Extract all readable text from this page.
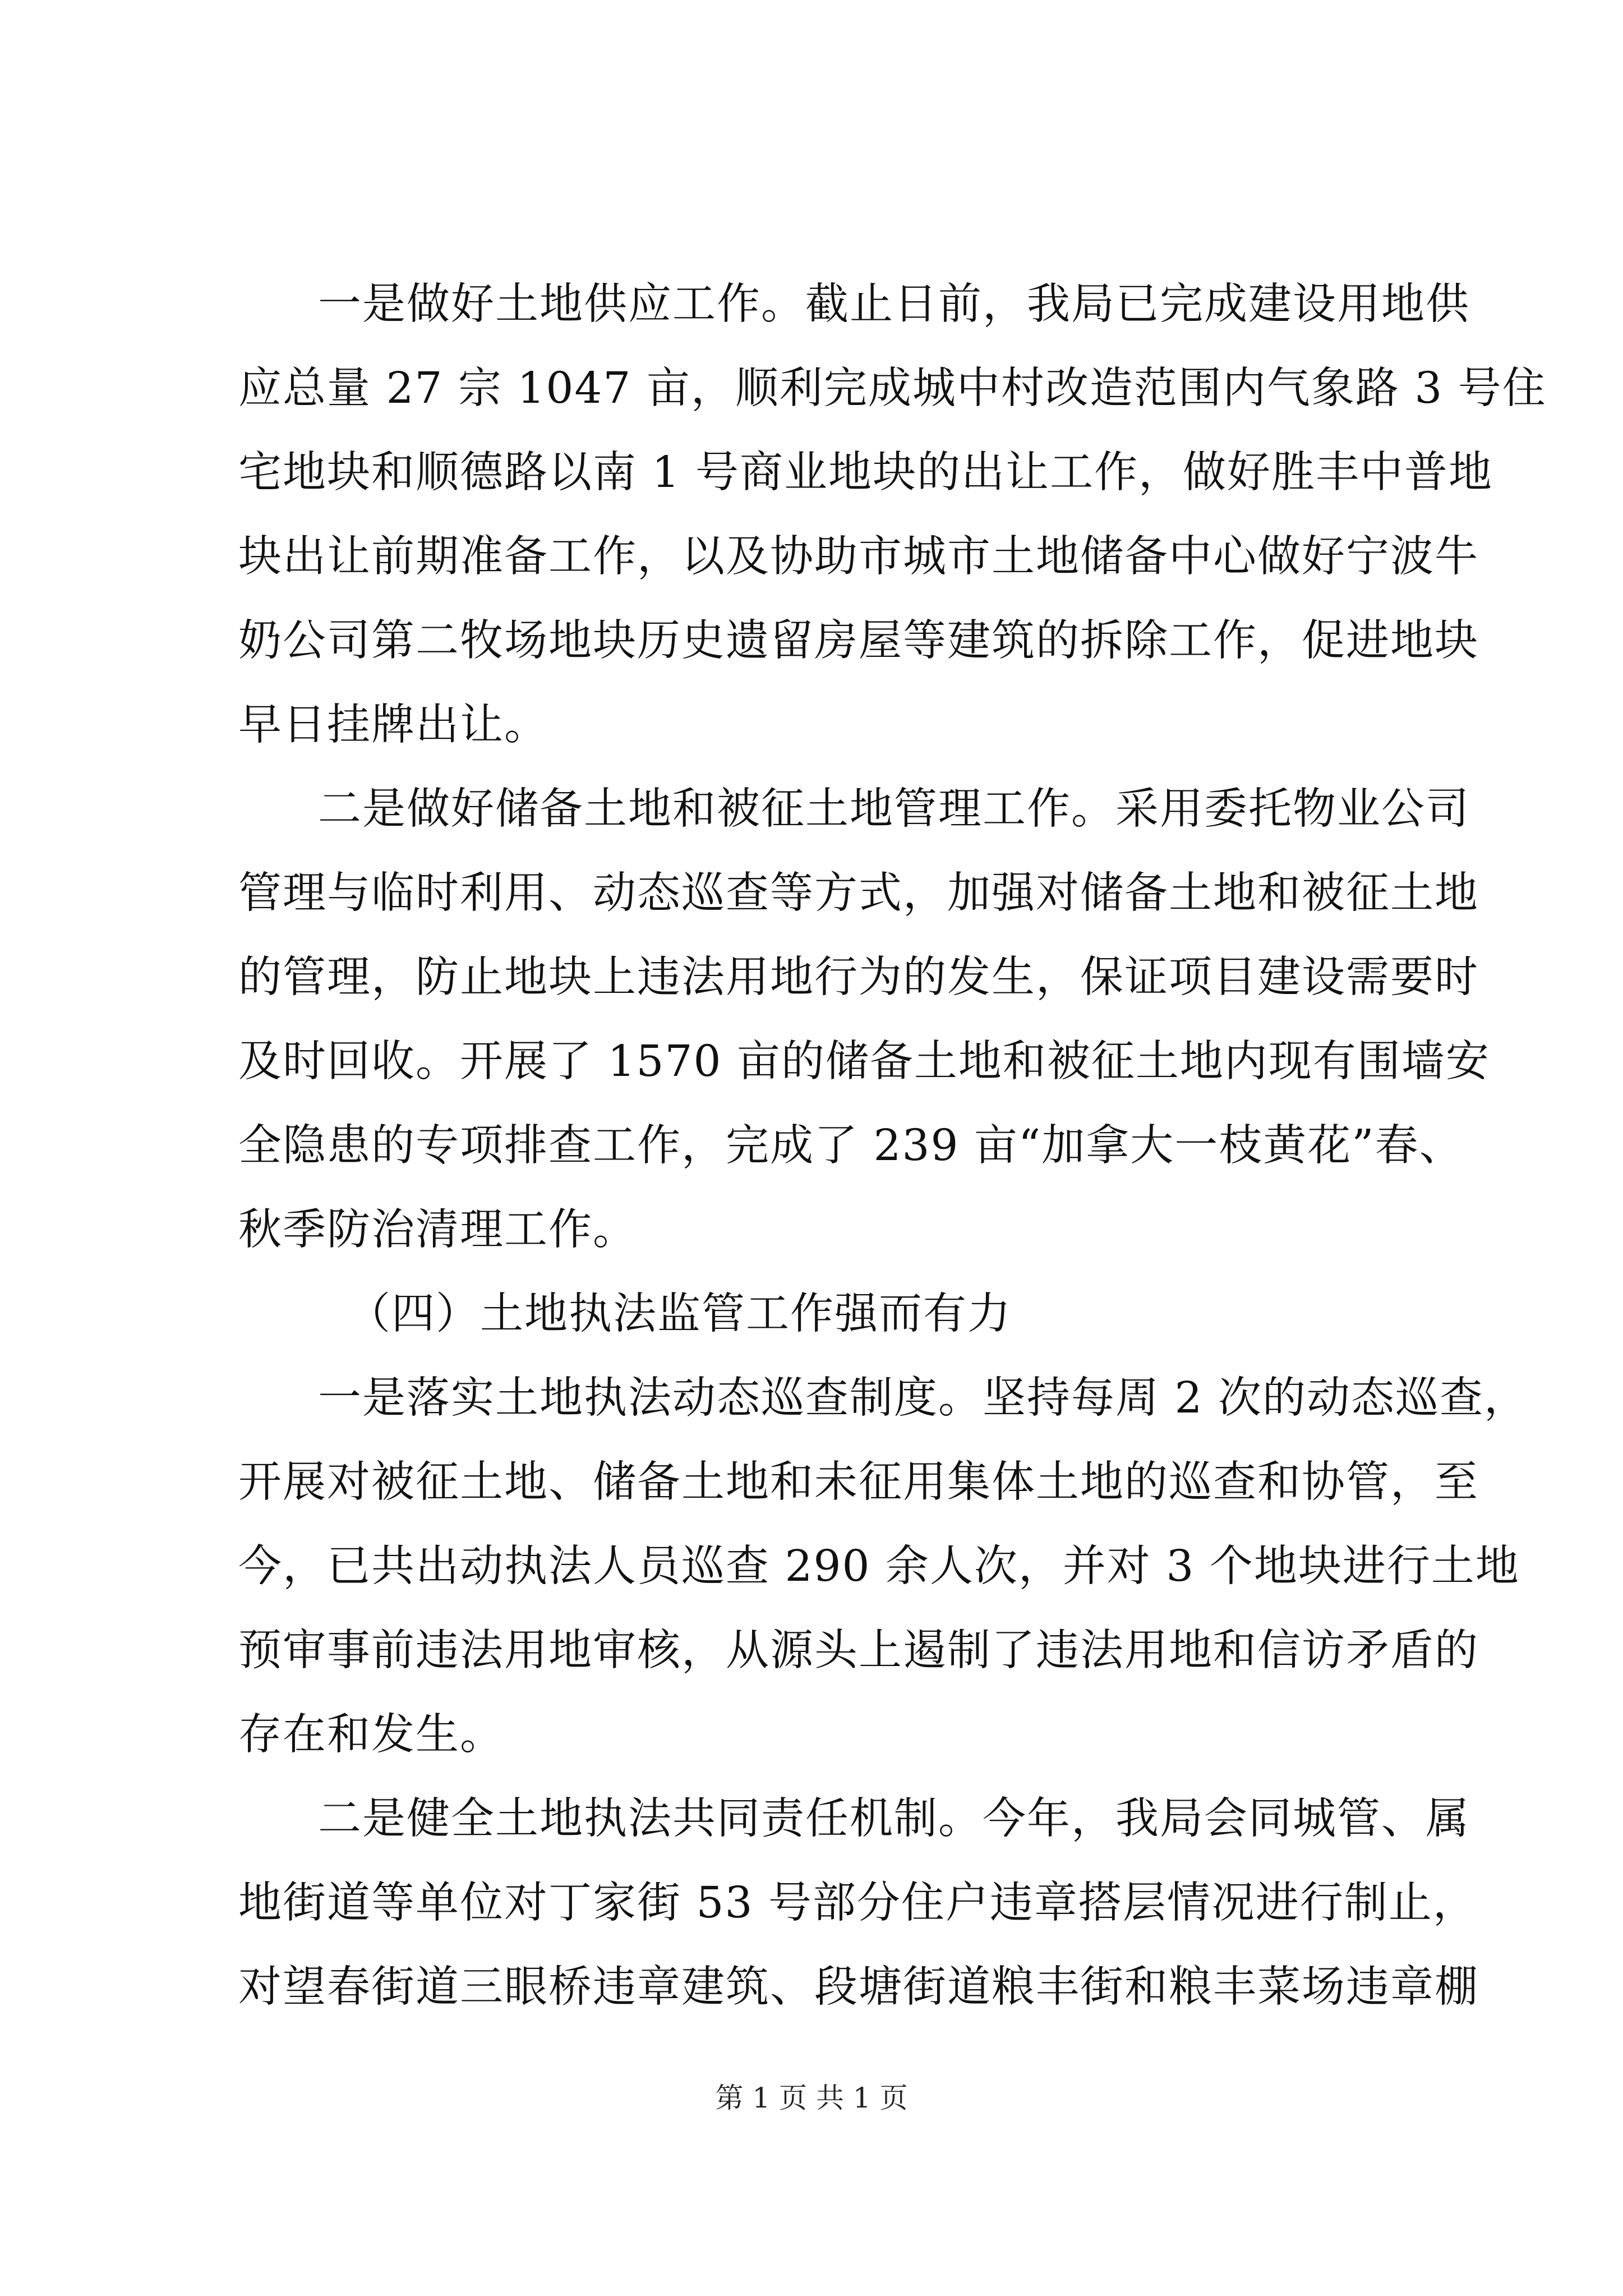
一是做好土地供应工作。截止日前，我局已完成建设用地供
应总量 27 宗 1047 亩，顺利完成城中村改造范围内气象路 3 号住
宅地块和顺德路以南 1 号商业地块的出让工作，做好胜丰中普地
块出让前期准备工作，以及协助市城市土地储备中心做好宁波牛
奶公司第二牧场地块历史遗留房屋等建筑的拆除工作，促进地块
早日挂牌出让。
二是做好储备土地和被征土地管理工作。采用委托物业公司
管理与临时利用、动态巡查等方式，加强对储备土地和被征土地
的管理，防止地块上违法用地行为的发生，保证项目建设需要时
及时回收。开展了 1570 亩的储备土地和被征土地内现有围墙安
全隐患的专项排查工作，完成了 239 亩“加拿大一枝黄花”春、
秋季防治清理工作。
（四）土地执法监管工作强而有力
一是落实土地执法动态巡查制度。坚持每周 2 次的动态巡查，
开展对被征土地、储备土地和未征用集体土地的巡查和协管，至
今，已共出动执法人员巡查 290 余人次，并对 3 个地块进行土地
预审事前违法用地审核，从源头上遏制了违法用地和信访矛盾的
存在和发生。
二是健全土地执法共同责任机制。今年，我局会同城管、属
地街道等单位对丁家街 53 号部分住户违章搭层情况进行制止，
对望春街道三眼桥违章建筑、段塘街道粮丰街和粮丰菜场违章棚
第 1 页 共 1 页
